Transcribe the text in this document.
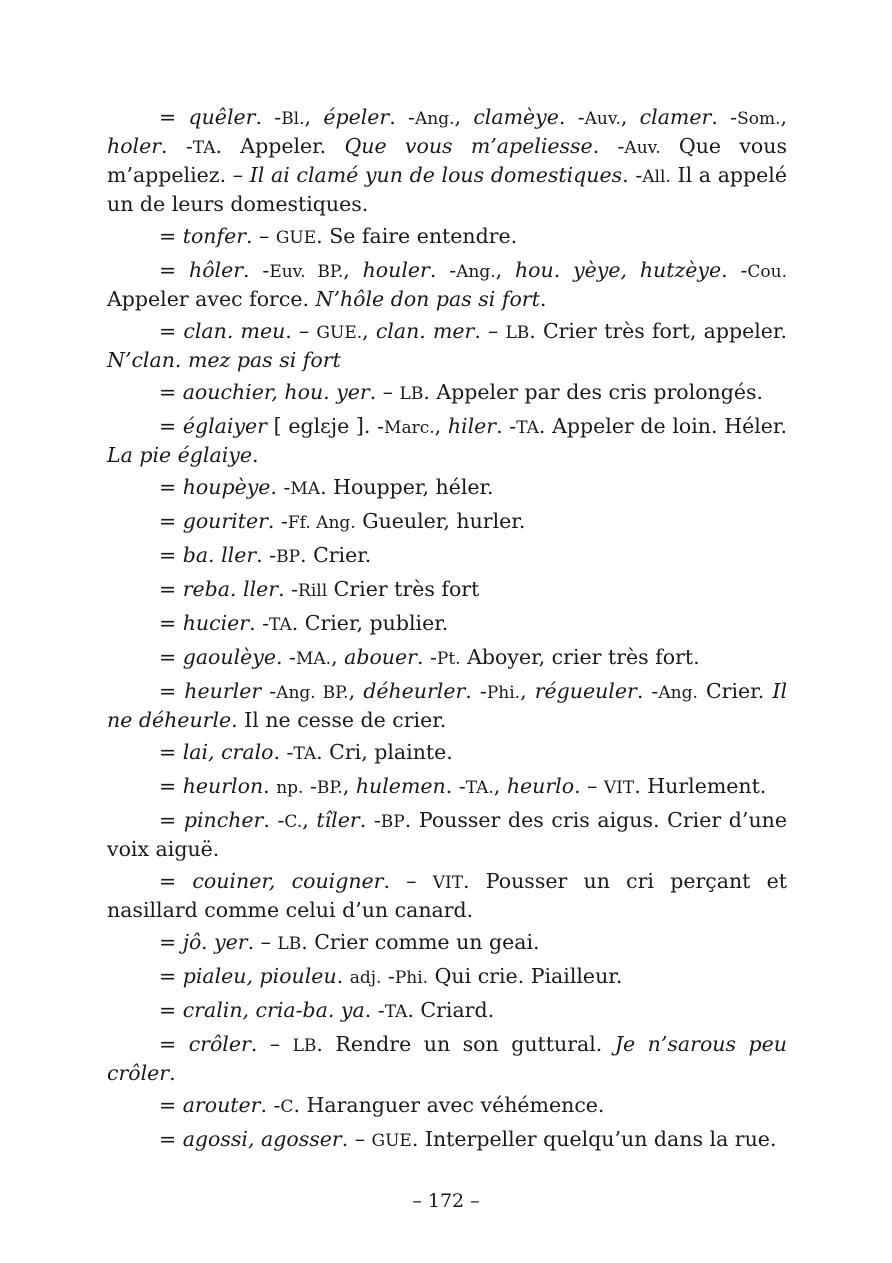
= quêler. -Bl., épeler. -Ang., clamèye. -Auv., clamer. -Som., holer. -TA. Appeler. Que vous m’apeliesse. -Auv. Que vous m’appeliez. – Il ai clamé yun de lous domestiques. -All. Il a appelé un de leurs domestiques.

= tonfer. – GUE. Se faire entendre.

= hôler. -Euv. BP., houler. -Ang., hou. yèye, hutzèye. -Cou. Appeler avec force. N’hôle don pas si fort.

= clan. meu. – GUE., clan. mer. – LB. Crier très fort, appeler. N’clan. mez pas si fort

= aouchier, hou. yer. – LB. Appeler par des cris prolongés.

= églaiyer [ eglɛje ]. -Marc., hiler. -TA. Appeler de loin. Héler. La pie églaiye.

= houpèye. -MA. Houpper, héler.

= gouriter. -Ff. Ang. Gueuler, hurler.

= ba. ller. -BP. Crier.

= reba. ller. -Rill Crier très fort

= hucier. -TA. Crier, publier.

= gaoulèye. -MA., abouer. -Pt. Aboyer, crier très fort.

= heurler -Ang. BP., déheurler. -Phi., régueuler. -Ang. Crier. Il ne déheurle. Il ne cesse de crier.

= lai, cralo. -TA. Cri, plainte.

= heurlon. np. -BP., hulemen. -TA., heurlo. – VIT. Hurlement.

= pincher. -C., tîler. -BP. Pousser des cris aigus. Crier d’une voix aiguë.

= couiner, couigner. – VIT. Pousser un cri perçant et nasillard comme celui d’un canard.

= jô. yer. – LB. Crier comme un geai.

= pialeu, piouleu. adj. -Phi. Qui crie. Piailleur.

= cralin, cria-ba. ya. -TA. Criard.

= crôler. – LB. Rendre un son guttural. Je n’sarous peu crôler.

= arouter. -C. Haranguer avec véhémence.

= agossi, agosser. – GUE. Interpeller quelqu’un dans la rue.

– 172 –
